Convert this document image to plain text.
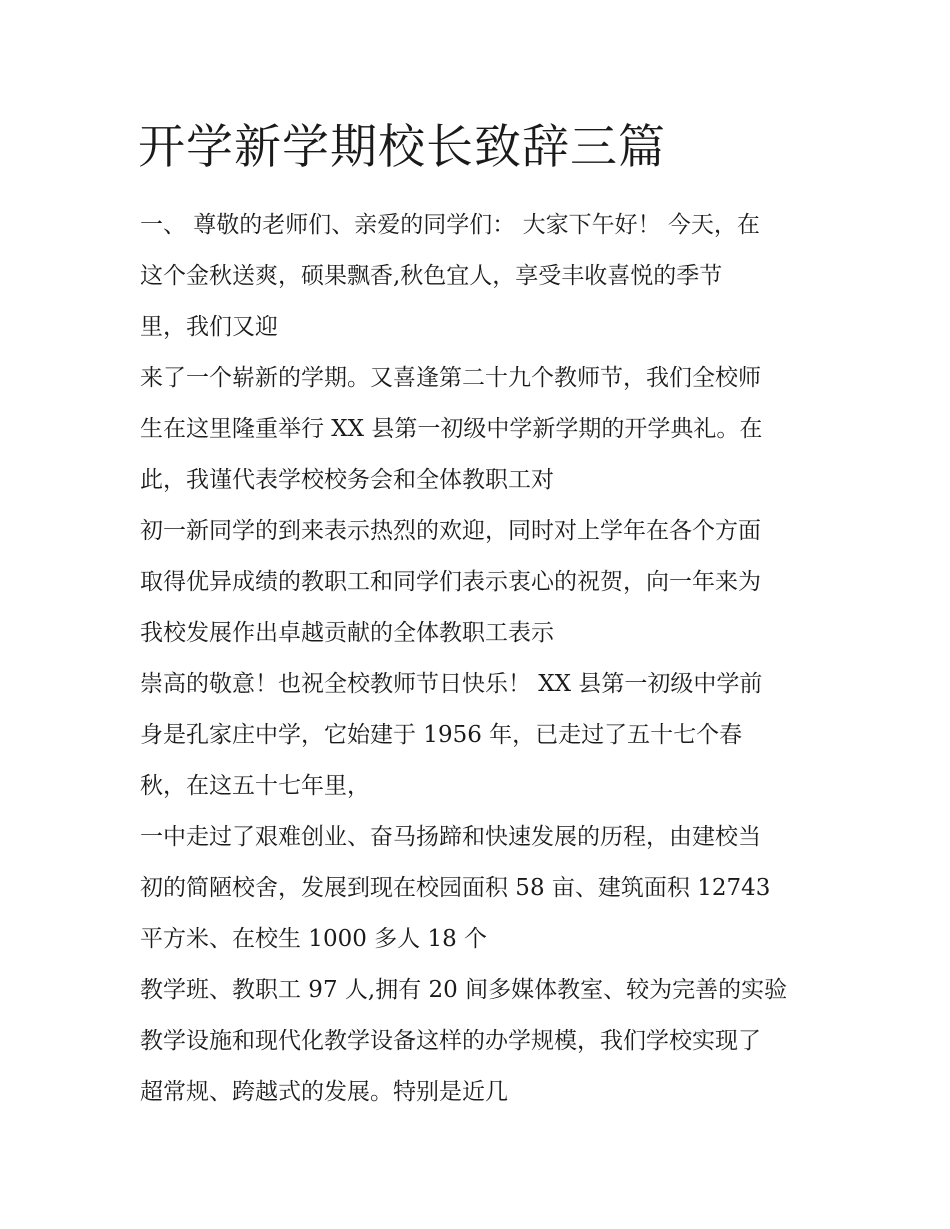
开学新学期校长致辞三篇
一、 尊敬的老师们、亲爱的同学们： 大家下午好！ 今天，在
这个金秋送爽，硕果飘香,秋色宜人，享受丰收喜悦的季节
里，我们又迎
来了一个崭新的学期。又喜逢第二十九个教师节，我们全校师
生在这里隆重举行 XX 县第一初级中学新学期的开学典礼。在
此，我谨代表学校校务会和全体教职工对
初一新同学的到来表示热烈的欢迎，同时对上学年在各个方面
取得优异成绩的教职工和同学们表示衷心的祝贺，向一年来为
我校发展作出卓越贡献的全体教职工表示
崇高的敬意！也祝全校教师节日快乐！ XX 县第一初级中学前
身是孔家庄中学，它始建于 1956 年，已走过了五十七个春
秋，在这五十七年里，
一中走过了艰难创业、奋马扬蹄和快速发展的历程，由建校当
初的简陋校舍，发展到现在校园面积 58 亩、建筑面积 12743
平方米、在校生 1000 多人 18 个
教学班、教职工 97 人,拥有 20 间多媒体教室、较为完善的实验
教学设施和现代化教学设备这样的办学规模，我们学校实现了
超常规、跨越式的发展。特别是近几
